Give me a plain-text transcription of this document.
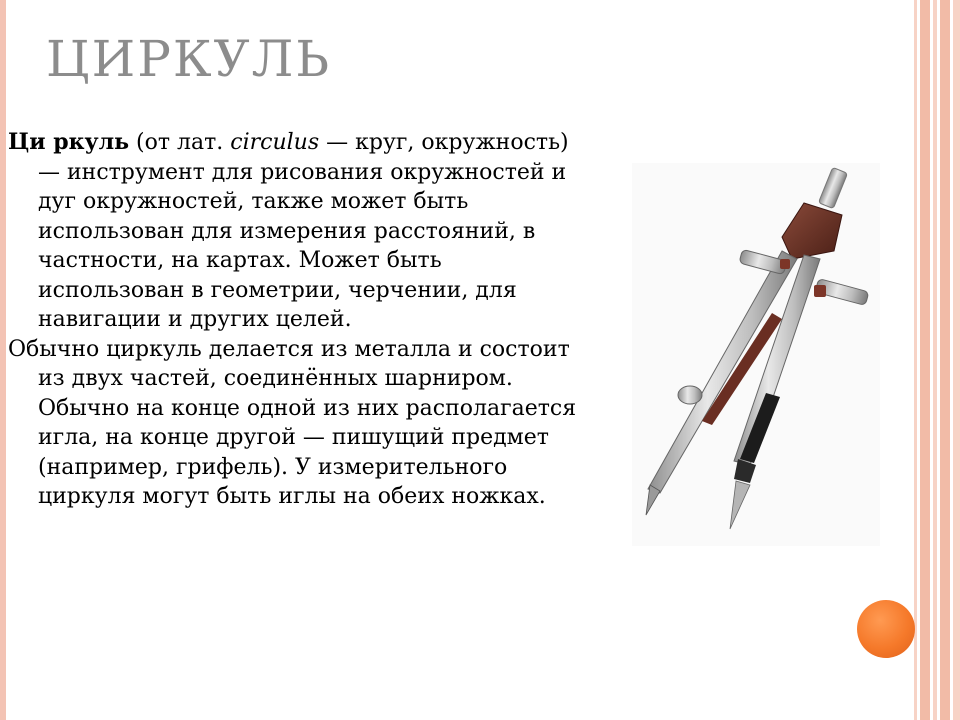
ЦИРКУЛЬ

Ци ркуль (от лат. circulus — круг, окружность) — инструмент для рисования окружностей и дуг окружностей, также может быть использован для измерения расстояний, в частности, на картах. Может быть использован в геометрии, черчении, для навигации и других целей.

Обычно циркуль делается из металла и состоит из двух частей, соединённых шарниром. Обычно на конце одной из них располагается игла, на конце другой — пишущий предмет (например, грифель). У измерительного циркуля могут быть иглы на обеих ножках.
